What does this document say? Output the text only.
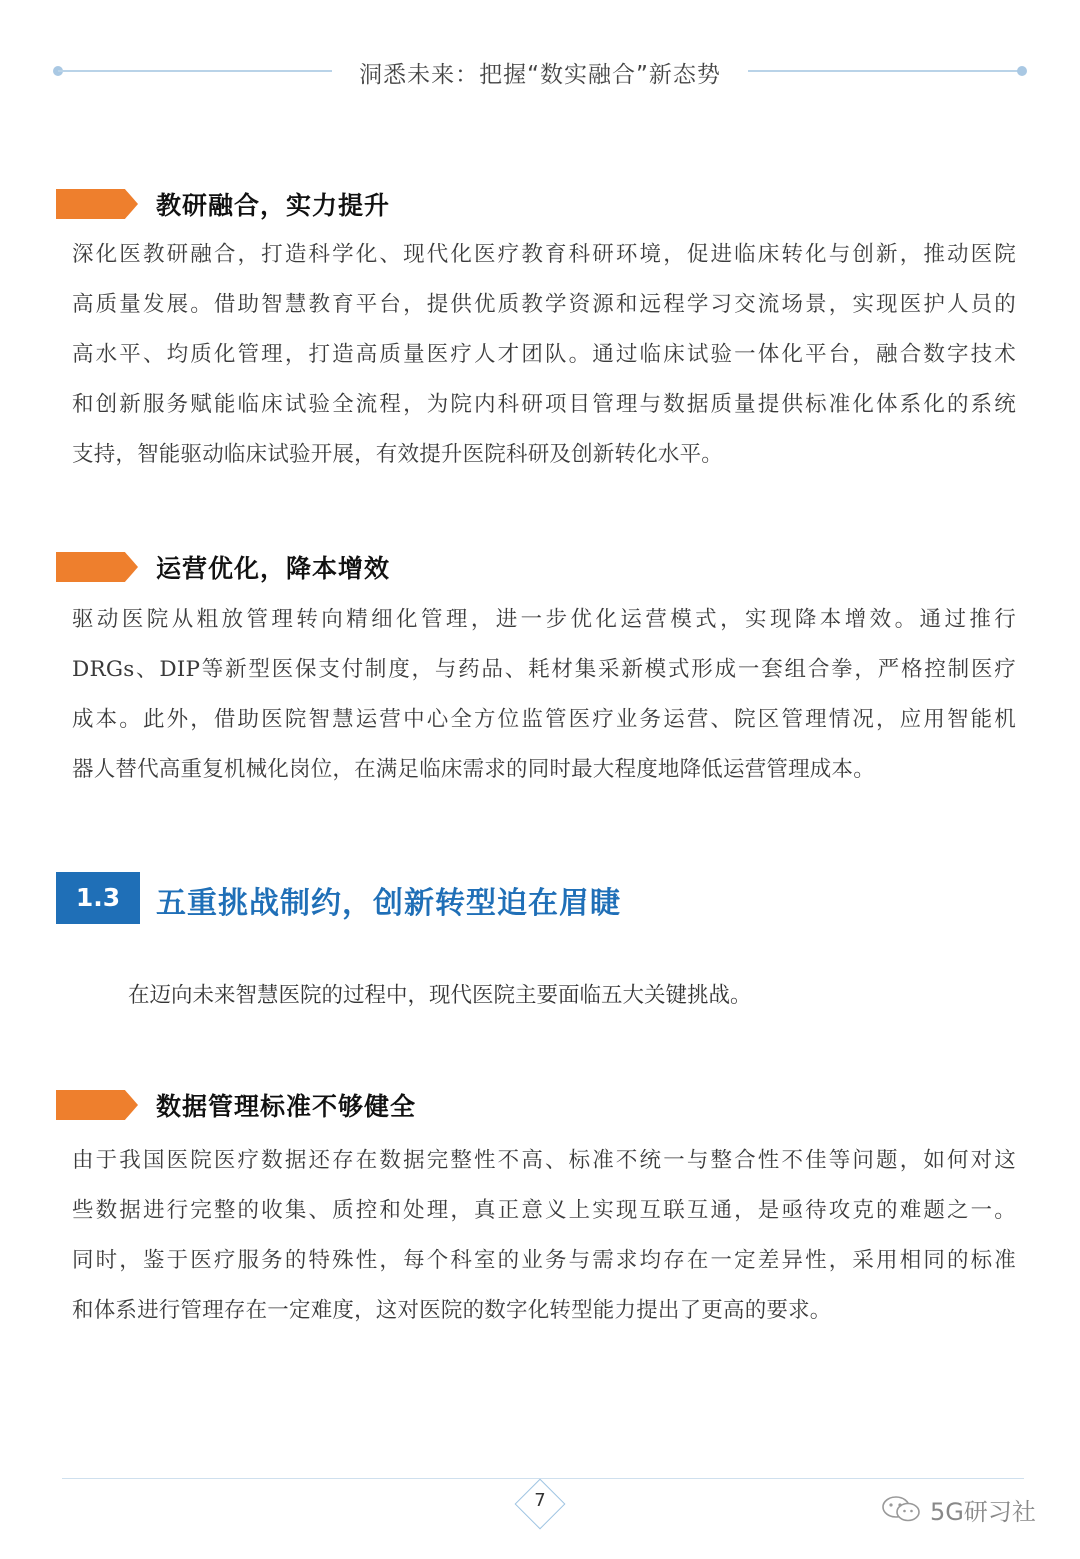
洞悉未来：把握“数实融合”新态势
教研融合，实力提升
深化医教研融合，打造科学化、现代化医疗教育科研环境，促进临床转化与创新，推动医院
高质量发展。借助智慧教育平台，提供优质教学资源和远程学习交流场景，实现医护人员的
高水平、均质化管理，打造高质量医疗人才团队。通过临床试验一体化平台，融合数字技术
和创新服务赋能临床试验全流程，为院内科研项目管理与数据质量提供标准化体系化的系统
支持，智能驱动临床试验开展，有效提升医院科研及创新转化水平。
运营优化，降本增效
驱动医院从粗放管理转向精细化管理，进一步优化运营模式，实现降本增效。通过推行
DRGs、DIP等新型医保支付制度，与药品、耗材集采新模式形成一套组合拳，严格控制医疗
成本。此外，借助医院智慧运营中心全方位监管医疗业务运营、院区管理情况，应用智能机
器人替代高重复机械化岗位，在满足临床需求的同时最大程度地降低运营管理成本。
1.3	五重挑战制约，创新转型迫在眉睫
在迈向未来智慧医院的过程中，现代医院主要面临五大关键挑战。
数据管理标准不够健全
由于我国医院医疗数据还存在数据完整性不高、标准不统一与整合性不佳等问题，如何对这
些数据进行完整的收集、质控和处理，真正意义上实现互联互通，是亟待攻克的难题之一。
同时，鉴于医疗服务的特殊性，每个科室的业务与需求均存在一定差异性，采用相同的标准
和体系进行管理存在一定难度，这对医院的数字化转型能力提出了更高的要求。
7	5G研习社
